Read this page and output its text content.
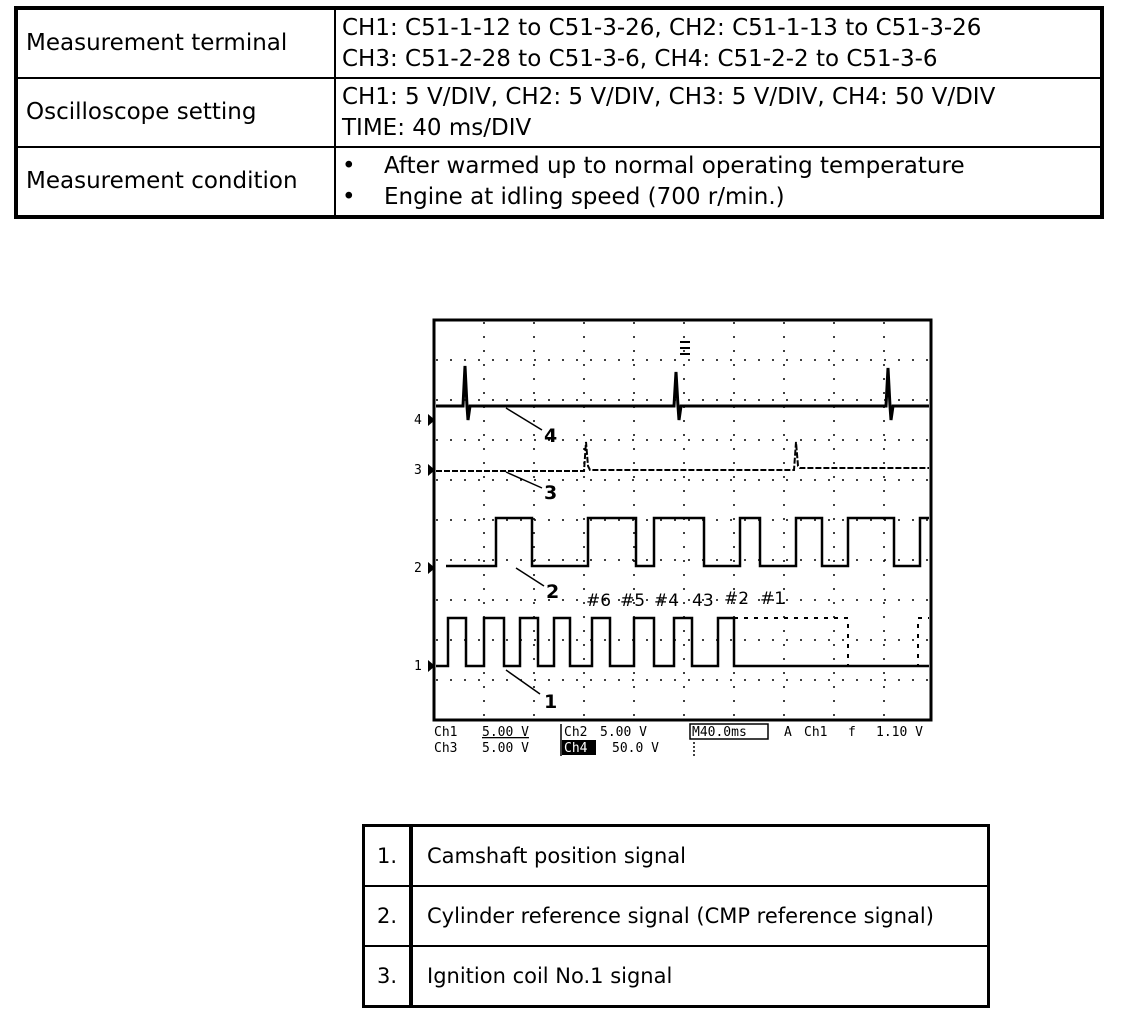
Measurement terminal	CH1: C51-1-12 to C51-3-26, CH2: C51-1-13 to C51-3-26
CH3: C51-2-28 to C51-3-6, CH4: C51-2-2 to C51-3-6

Oscilloscope setting	CH1: 5 V/DIV, CH2: 5 V/DIV, CH3: 5 V/DIV, CH4: 50 V/DIV
TIME: 40 ms/DIV

Measurement condition	• After warmed up to normal operating temperature
• Engine at idling speed (700 r/min.)
4
3
2
1
4
3
2
1
#6 #5 #4 43 #2 #1
Ch1 5.00 V	Ch2 5.00 V	M40.0ms	A Ch1 f 1.10 V
Ch3 5.00 V	Ch4 50.0 V
1.	Camshaft position signal
2.	Cylinder reference signal (CMP reference signal)
3.	Ignition coil No.1 signal
